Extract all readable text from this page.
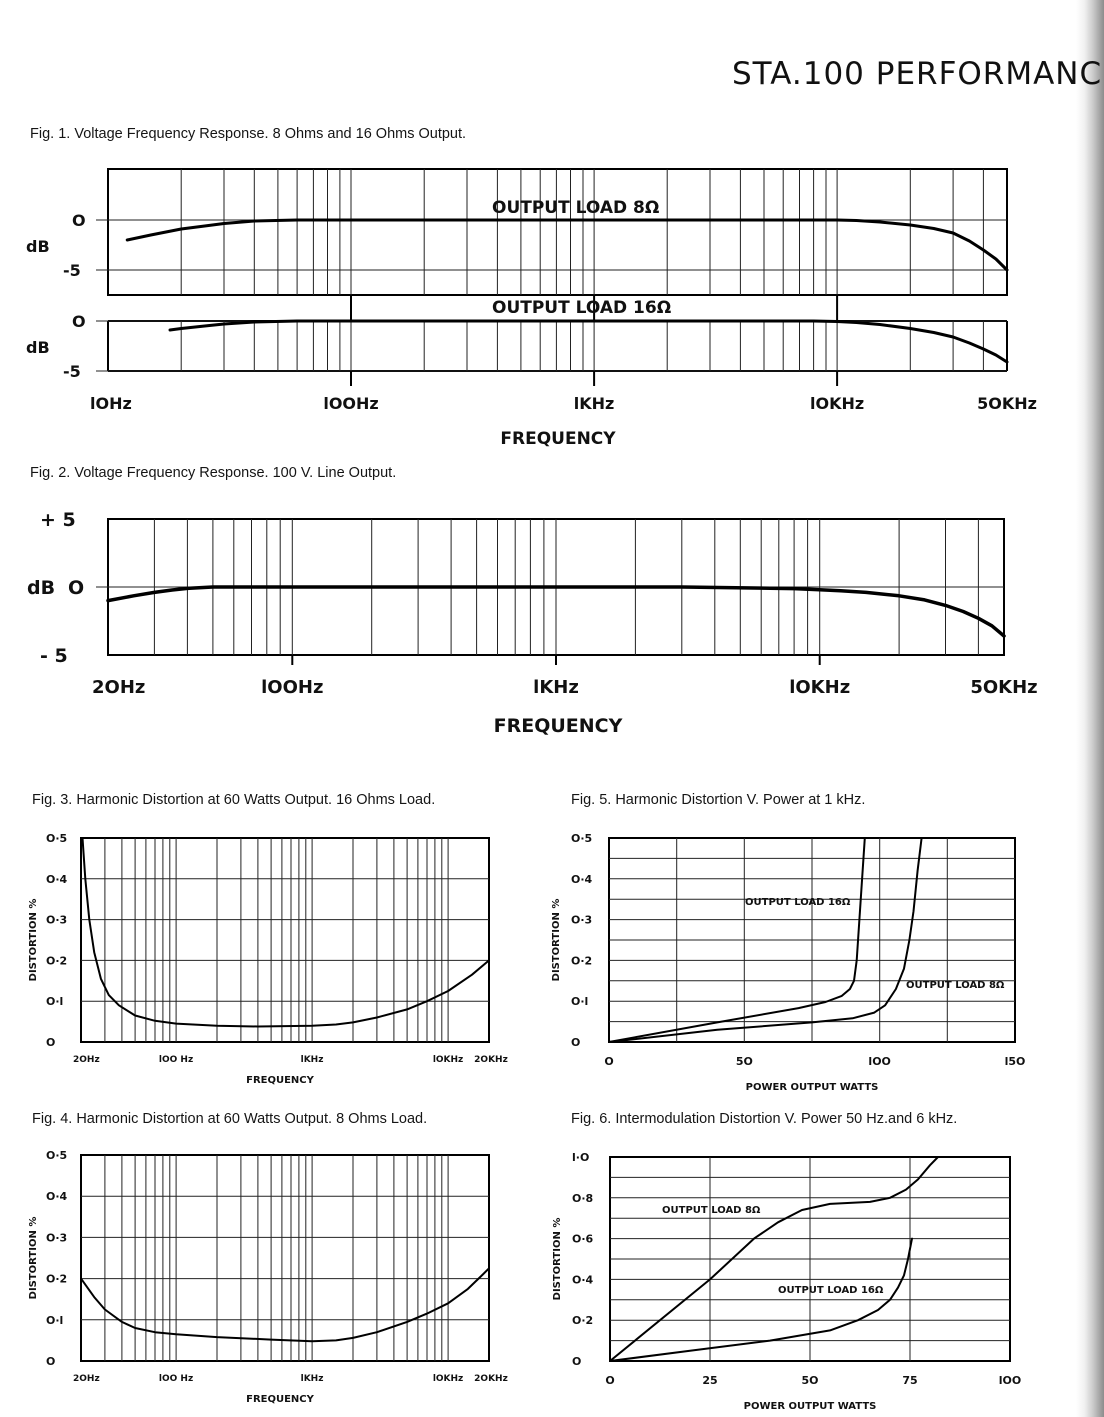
STA.100 PERFORMANC
Fig. 1. Voltage Frequency Response. 8 Ohms and 16 Ohms Output.
Fig. 2. Voltage Frequency Response. 100 V. Line Output.
Fig. 3. Harmonic Distortion at 60 Watts Output. 16 Ohms Load.
Fig. 4. Harmonic Distortion at 60 Watts Output. 8 Ohms Load.
Fig. 5. Harmonic Distortion V. Power at 1 kHz.
Fig. 6. Intermodulation Distortion V. Power 50 Hz.and 6 kHz.
O
-5
dB
OUTPUT LOAD 8Ω
O
-5
dB
OUTPUT LOAD 16Ω
lOHz	lOOHz	lKHz	lOKHz	5OKHz
FREQUENCY
+ 5
O
- 5
dB
2OHz	lOOHz	lKHz	lOKHz	5OKHz
FREQUENCY
O
O·l
O·2
O·3
O·4
O·5
DISTORTION %
2OHz	lOO Hz	lKHz	lOKHz 2OKHz
FREQUENCY
O
O·l
O·2
O·3
O·4
O·5
DISTORTION %
2OHz	lOO Hz	lKHz	lOKHz 2OKHz
FREQUENCY
O
O·l
O·2
O·3
O·4
O·5
DISTORTION %	OUTPUT LOAD 16Ω
OUTPUT LOAD 8Ω
O	5O	lOO	l5O
POWER OUTPUT WATTS
O
O·2
O·4
O·6
O·8
l·O
DISTORTION %
OUTPUT LOAD 8Ω
OUTPUT LOAD 16Ω
O	25	5O	75	lOO
POWER OUTPUT WATTS
